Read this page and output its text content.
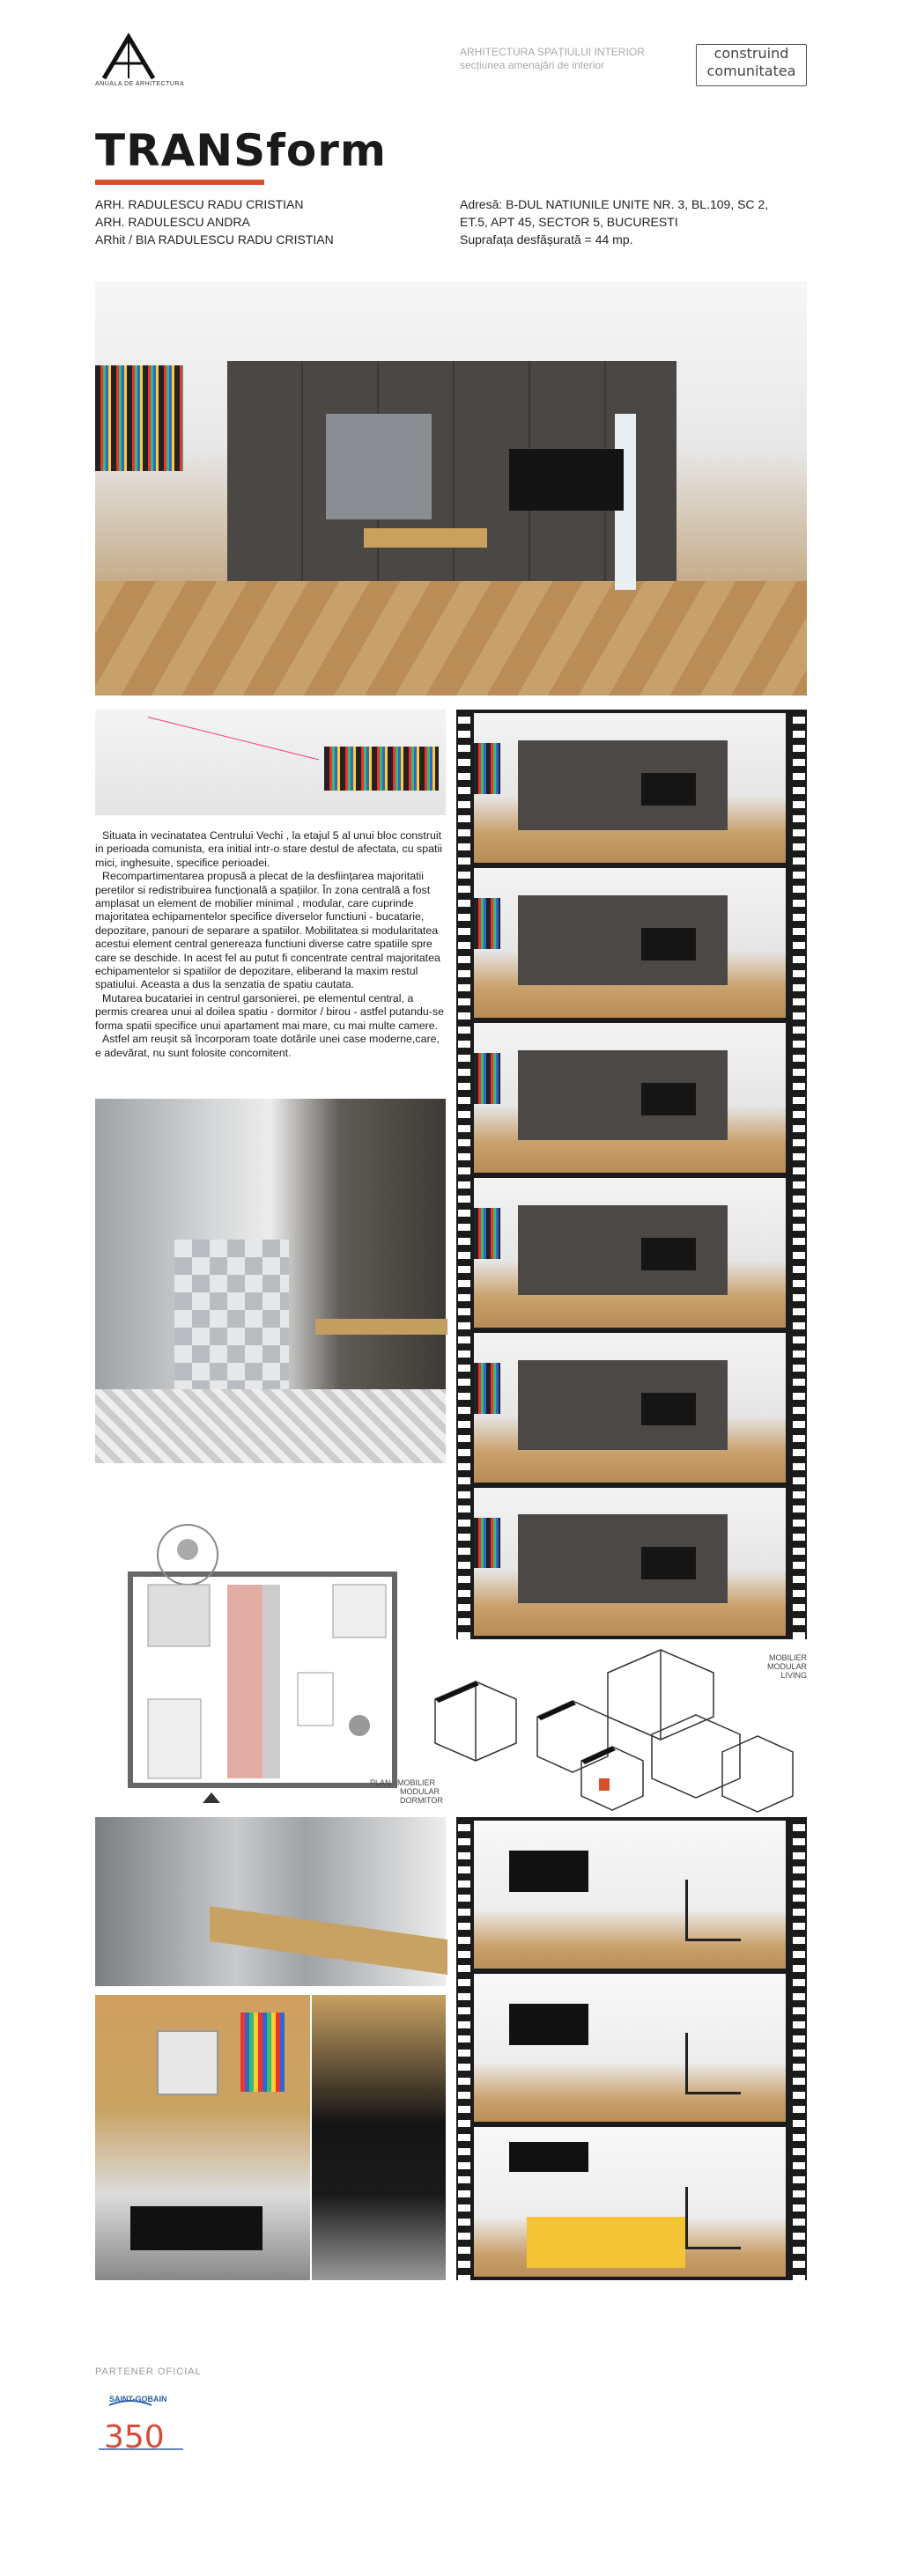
ANUALA DE ARHITECTURA
ARHITECTURA SPAȚIULUI INTERIOR
secțiunea amenajări de interior
construind
comunitatea
TRANSform
ARH. RADULESCU RADU CRISTIAN
ARH. RADULESCU ANDRA
ARhit / BIA RADULESCU RADU CRISTIAN
Adresă: B-DUL NATIUNILE UNITE NR. 3, BL.109, SC 2,
ET.5, APT 45, SECTOR 5, BUCURESTI
Suprafața desfășurată = 44 mp.

Situata in vecinatatea Centrului Vechi , la etajul 5 al unui bloc construit in perioada comunista, era initial intr-o stare destul de afectata, cu spatii mici, inghesuite, specifice perioadei.

Recompartimentarea propusă a plecat de la desființarea majoritatii peretilor si redistribuirea funcțională a spațiilor. În zona centrală a fost amplasat un element de mobilier minimal , modular, care cuprinde majoritatea echipamentelor specifice diverselor functiuni - bucatarie, depozitare, panouri de separare a spatiilor. Mobilitatea si modularitatea acestui element central genereaza functiuni diverse catre spatiile spre care se deschide. In acest fel au putut fi concentrate central majoritatea echipamentelor si spatiilor de depozitare, eliberand la maxim restul spatiului. Aceasta a dus la senzatia de spatiu cautata.

Mutarea bucatariei in centrul garsonierei, pe elementul central, a permis crearea unui al doilea spatiu - dormitor / birou - astfel putandu-se forma spatii specifice unui apartament mai mare, cu mai multe camere.

Astfel am reușit să încorporam toate dotările unei case moderne,care, e adevărat, nu sunt folosite concomitent.

PLAN MOBILIER
MODULAR
DORMITOR
MOBILIER
MODULAR
LIVING
PARTENER OFICIAL
SAINT-GOBAIN
350
